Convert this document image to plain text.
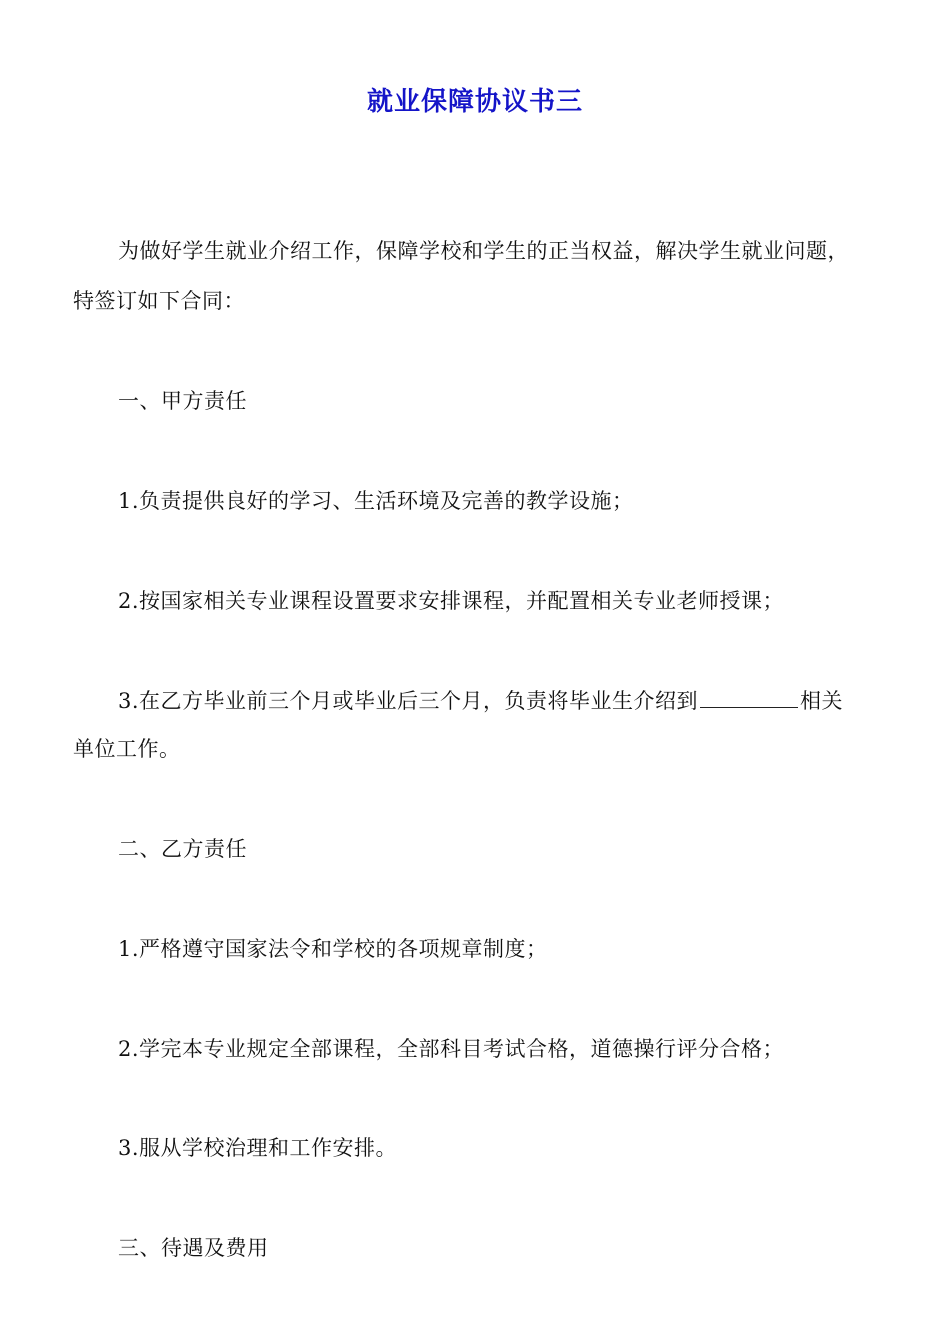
就业保障协议书三
为做好学生就业介绍工作，保障学校和学生的正当权益，解决学生就业问题，
特签订如下合同：
一、甲方责任
1.负责提供良好的学习、生活环境及完善的教学设施；
2.按国家相关专业课程设置要求安排课程，并配置相关专业老师授课；
3.在乙方毕业前三个月或毕业后三个月，负责将毕业生介绍到	相关
单位工作。
二、乙方责任
1.严格遵守国家法令和学校的各项规章制度；
2.学完本专业规定全部课程，全部科目考试合格，道德操行评分合格；
3.服从学校治理和工作安排。
三、待遇及费用
